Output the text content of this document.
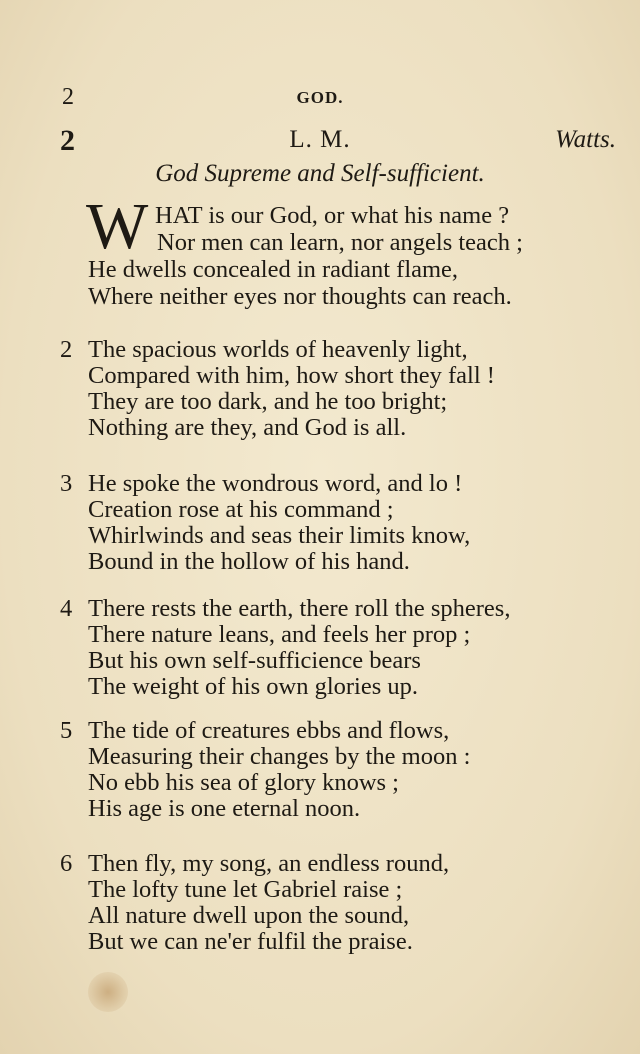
2	GOD.
2	L. M.	Watts.
God Supreme and Self-sufficient.
W HAT is our God, or what his name ?
Nor men can learn, nor angels teach ;
He dwells concealed in radiant flame,
Where neither eyes nor thoughts can reach.
2 The spacious worlds of heavenly light,
Compared with him, how short they fall !
They are too dark, and he too bright;
Nothing are they, and God is all.
3 He spoke the wondrous word, and lo !
Creation rose at his command ;
Whirlwinds and seas their limits know,
Bound in the hollow of his hand.
4 There rests the earth, there roll the spheres,
There nature leans, and feels her prop ;
But his own self-sufficience bears
The weight of his own glories up.
5 The tide of creatures ebbs and flows,
Measuring their changes by the moon :
No ebb his sea of glory knows ;
His age is one eternal noon.
6 Then fly, my song, an endless round,
The lofty tune let Gabriel raise ;
All nature dwell upon the sound,
But we can ne'er fulfil the praise.
